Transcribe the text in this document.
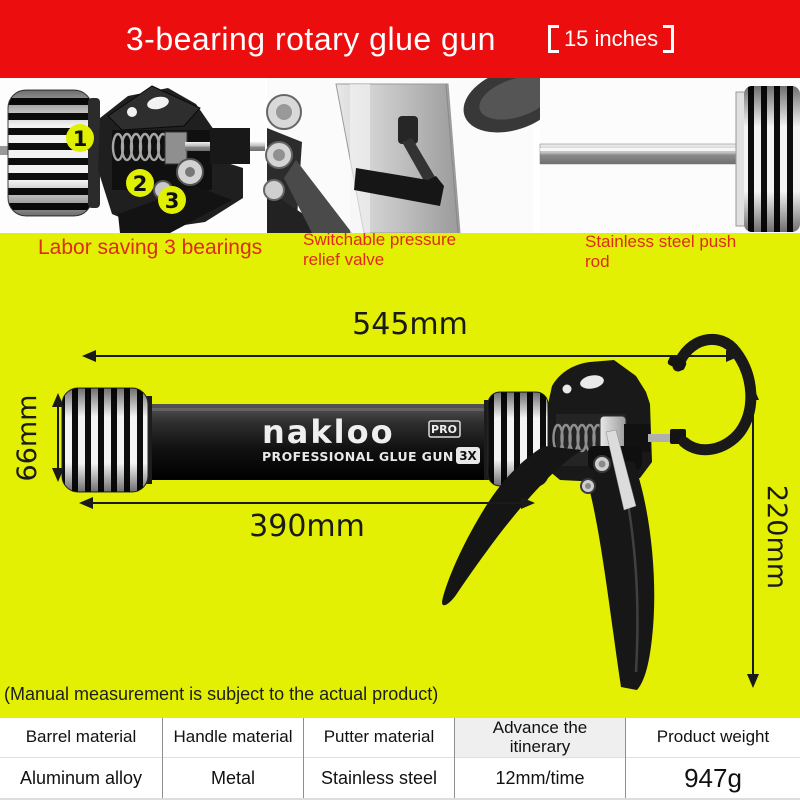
3-bearing rotary glue gun	15 inches
1
2
3
Labor saving 3 bearings Switchable pressure relief valve
Stainless steel push rod
nakloo	PRO
PROFESSIONAL GLUE GUN 3X
545mm
390mm
66mm
220mm
(Manual measurement is subject to the actual product)
Barrel material
Aluminum alloy
Handle material
Metal
Putter material
Stainless steel
Advance the itinerary
12mm/time
Product weight
947g
